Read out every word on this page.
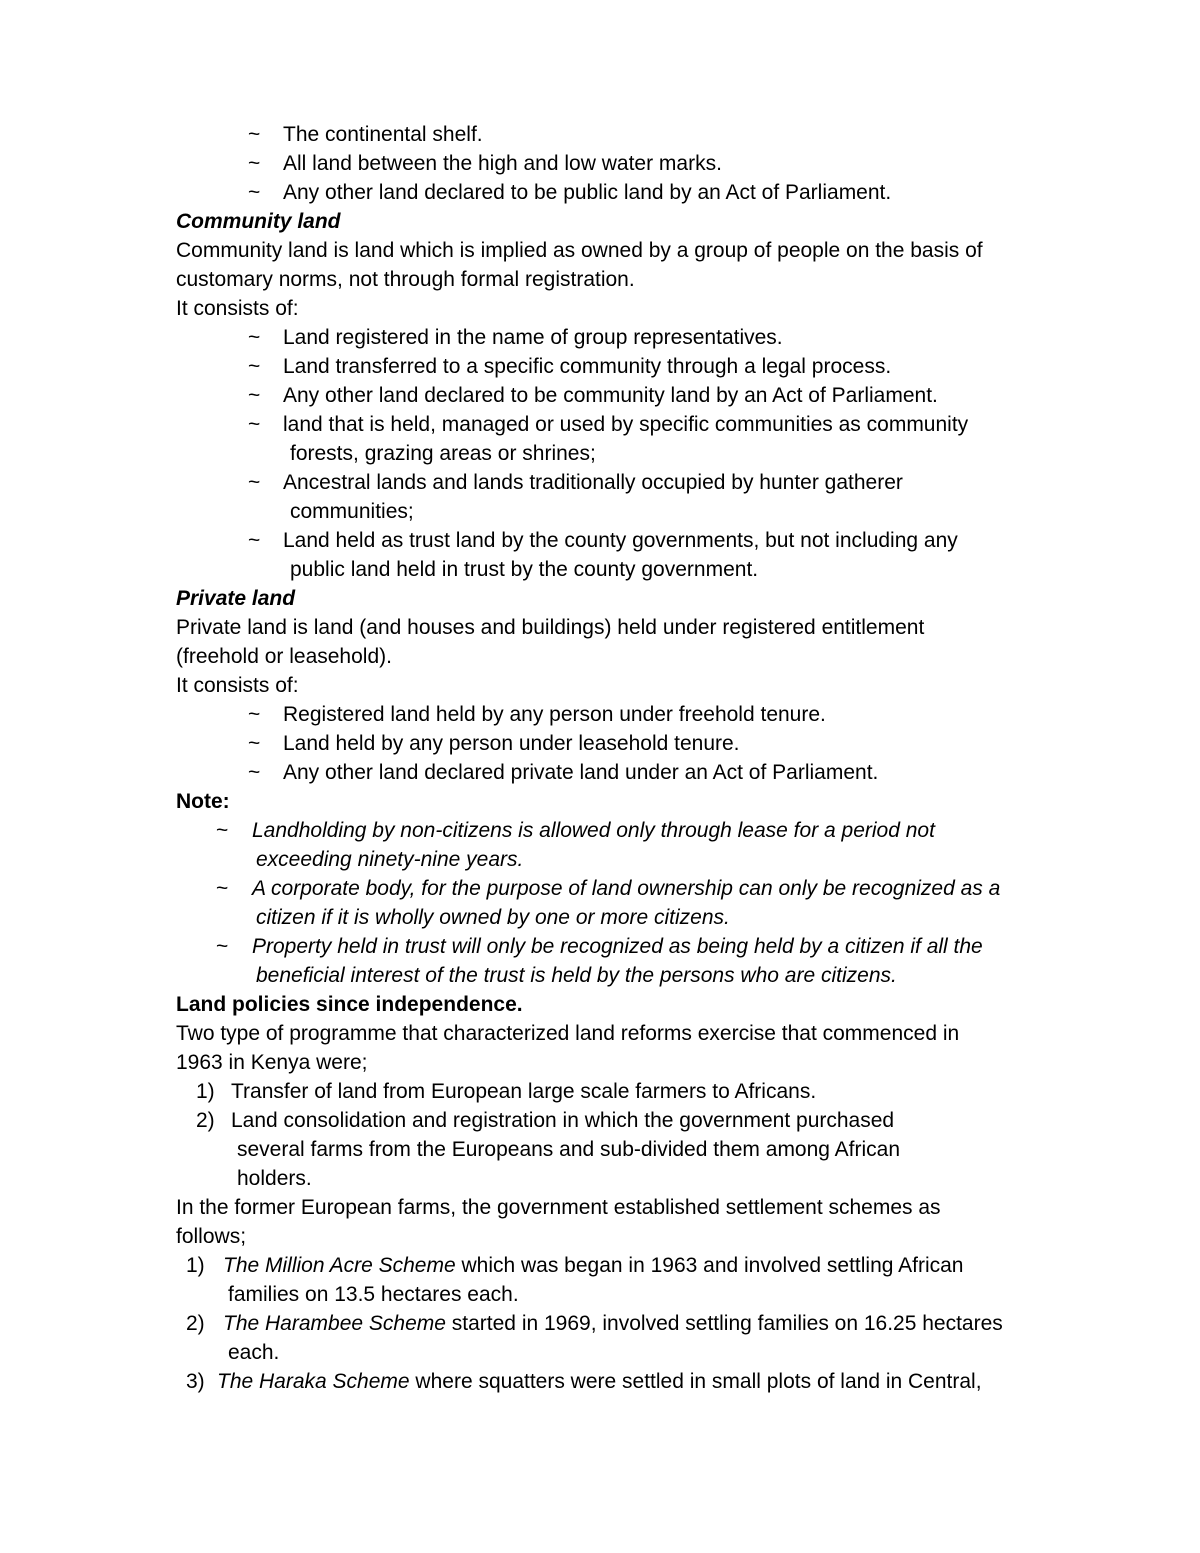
~	The continental shelf.
~	All land between the high and low water marks.
~	Any other land declared to be public land by an Act of Parliament.
Community land
Community land is land which is implied as owned by a group of people on the basis of
customary norms, not through formal registration.
It consists of:
~	Land registered in the name of group representatives.
~	Land transferred to a specific community through a legal process.
~	Any other land declared to be community land by an Act of Parliament.
~	land that is held, managed or used by specific communities as community
forests, grazing areas or shrines;
~	Ancestral lands and lands traditionally occupied by hunter gatherer
communities;
~	Land held as trust land by the county governments, but not including any
public land held in trust by the county government.
Private land
Private land is land (and houses and buildings) held under registered entitlement
(freehold or leasehold).
It consists of:
~	Registered land held by any person under freehold tenure.
~	Land held by any person under leasehold tenure.
~	Any other land declared private land under an Act of Parliament.
Note:
~ Landholding by non-citizens is allowed only through lease for a period not
exceeding ninety-nine years.
~ A corporate body, for the purpose of land ownership can only be recognized as a
citizen if it is wholly owned by one or more citizens.
~ Property held in trust will only be recognized as being held by a citizen if all the
beneficial interest of the trust is held by the persons who are citizens.
Land policies since independence.
Two type of programme that characterized land reforms exercise that commenced in
1963 in Kenya were;
1) Transfer of land from European large scale farmers to Africans.
2) Land consolidation and registration in which the government purchased
several farms from the Europeans and sub-divided them among African
holders.
In the former European farms, the government established settlement schemes as
follows;
1) The Million Acre Scheme which was began in 1963 and involved settling African
families on 13.5 hectares each.
2) The Harambee Scheme started in 1969, involved settling families on 16.25 hectares
each.
3) The Haraka Scheme where squatters were settled in small plots of land in Central,
